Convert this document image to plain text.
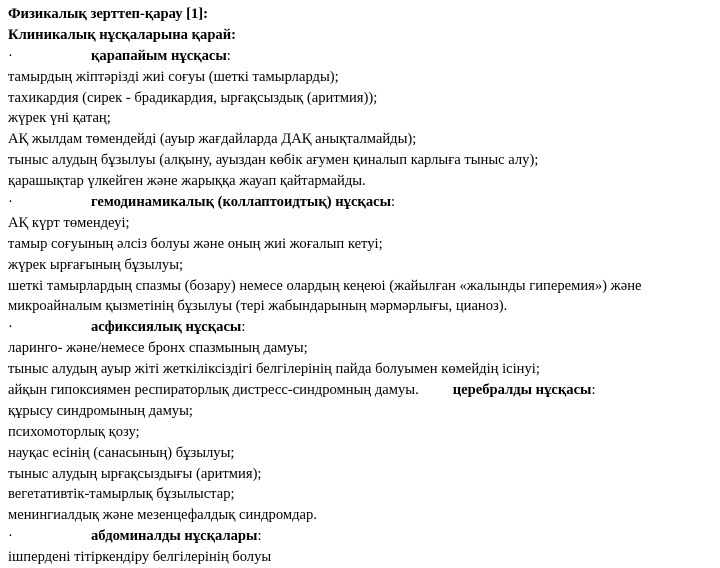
Физикалық зерттеп-қарау [1]:
Клиникалық нұсқаларына қарай:
·	қарапайым нұсқасы:
тамырдың жіптәрізді жиі соғуы (шеткі тамырларды);
тахикардия (сирек - брадикардия, ырғақсыздық (аритмия));
жүрек үні қатаң;
АҚ жылдам төмендейді (ауыр жағдайларда ДАҚ анықталмайды);
тыныс алудың бұзылуы (алқыну, ауыздан көбік ағумен қиналып карлыға тыныс алу);
қарашықтар үлкейген және жарыққа жауап қайтармайды.
·	гемодинамикалық (коллаптоидтық) нұсқасы:
АҚ күрт төмендеуі;
тамыр соғуының әлсіз болуы және оның жиі жоғалып кетуі;
жүрек ырғағының бұзылуы;
шеткі тамырлардың спазмы (бозару) немесе олардың кеңеюі (жайылған «жалынды гиперемия») және
микроайналым қызметінің бұзылуы (тері жабындарының мәрмәрлығы, цианоз).
·	асфиксиялық нұсқасы:
ларинго- және/немесе бронх спазмының дамуы;
тыныс алудың ауыр жіті жеткіліксіздігі белгілерінің пайда болуымен көмейдің ісінуі;
айқын гипоксиямен респираторлық дистресс-синдромның дамуы. церебралды нұсқасы:
құрысу синдромының дамуы;
психомоторлық қозу;
науқас есінің (санасының) бұзылуы;
тыныс алудың ырғақсыздығы (аритмия);
вегетативтік-тамырлық бұзылыстар;
менингиалдық және мезенцефалдық синдромдар.
·	абдоминалды нұсқалары:
ішпердені тітіркендіру белгілерінің болуы
